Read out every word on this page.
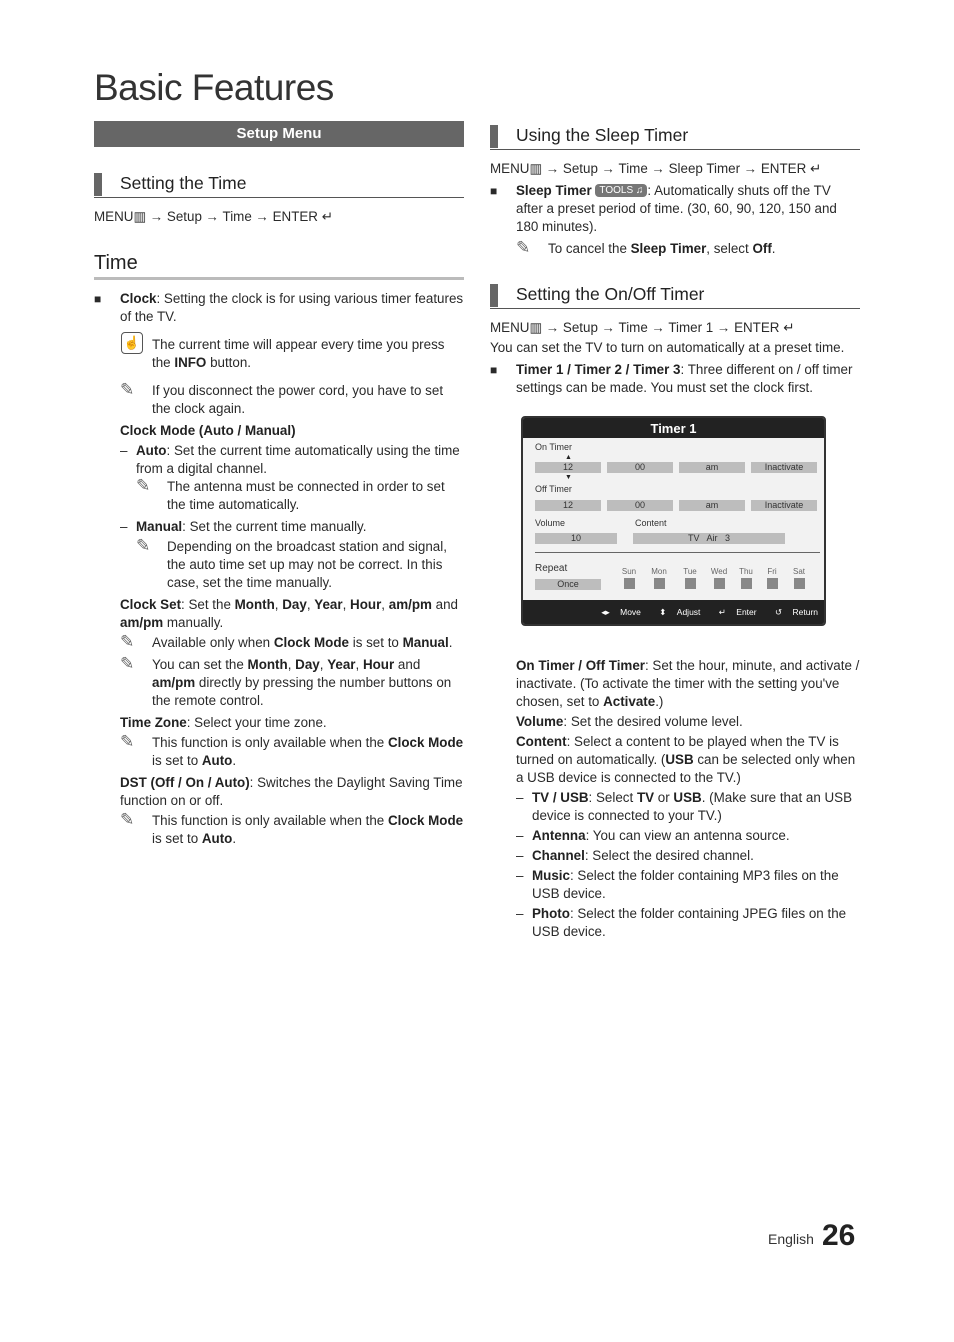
Basic Features
Setup Menu
Setting the Time
MENU▥ → Setup → Time → ENTER ↵
Time
■ Clock: Setting the clock is for using various timer features of the TV.
☝ The current time will appear every time you press the INFO button.
✎ If you disconnect the power cord, you have to set the clock again.
Clock Mode (Auto / Manual)
– Auto: Set the current time automatically using the time from a digital channel.
✎ The antenna must be connected in order to set the time automatically.
– Manual: Set the current time manually.
✎ Depending on the broadcast station and signal, the auto time set up may not be correct. In this case, set the time manually.
Clock Set: Set the Month, Day, Year, Hour, am/pm and am/pm manually.
✎ Available only when Clock Mode is set to Manual.
✎ You can set the Month, Day, Year, Hour and am/pm directly by pressing the number buttons on the remote control.
Time Zone: Select your time zone.
✎ This function is only available when the Clock Mode is set to Auto.
DST (Off / On / Auto): Switches the Daylight Saving Time function on or off.
✎ This function is only available when the Clock Mode is set to Auto.
Using the Sleep Timer
MENU▥ → Setup → Time → Sleep Timer → ENTER ↵
■ Sleep Timer TOOLS ♫ : Automatically shuts off the TV after a preset period of time. (30, 60, 90, 120, 150 and 180 minutes).
✎ To cancel the Sleep Timer, select Off.
Setting the On/Off Timer
MENU▥ → Setup → Time → Timer 1 → ENTER ↵
You can set the TV to turn on automatically at a preset time.
■ Timer 1 / Timer 2 / Timer 3: Three different on / off timer settings can be made. You must set the clock first.
On Timer / Off Timer: Set the hour, minute, and activate / inactivate. (To activate the timer with the setting you've chosen, set to Activate.)
Volume: Set the desired volume level.
Content: Select a content to be played when the TV is turned on automatically. (USB can be selected only when a USB device is connected to the TV.)
– TV / USB: Select TV or USB. (Make sure that an USB device is connected to your TV.)
– Antenna: You can view an antenna source.
– Channel: Select the desired channel.
– Music: Select the folder containing MP3 files on the USB device.
– Photo: Select the folder containing JPEG files on the USB device.
Timer 1
On Timer
▲
12	00	am	Inactivate
▼
Off Timer
12	00	am	Inactivate
Volume	Content
10	TV   Air   3
Repeat
Once
Sun	Mon	Tue	Wed	Thu	Fri	Sat
◂▸ Move ⬍ Adjust ↵ Enter ↺ Return
English 26
